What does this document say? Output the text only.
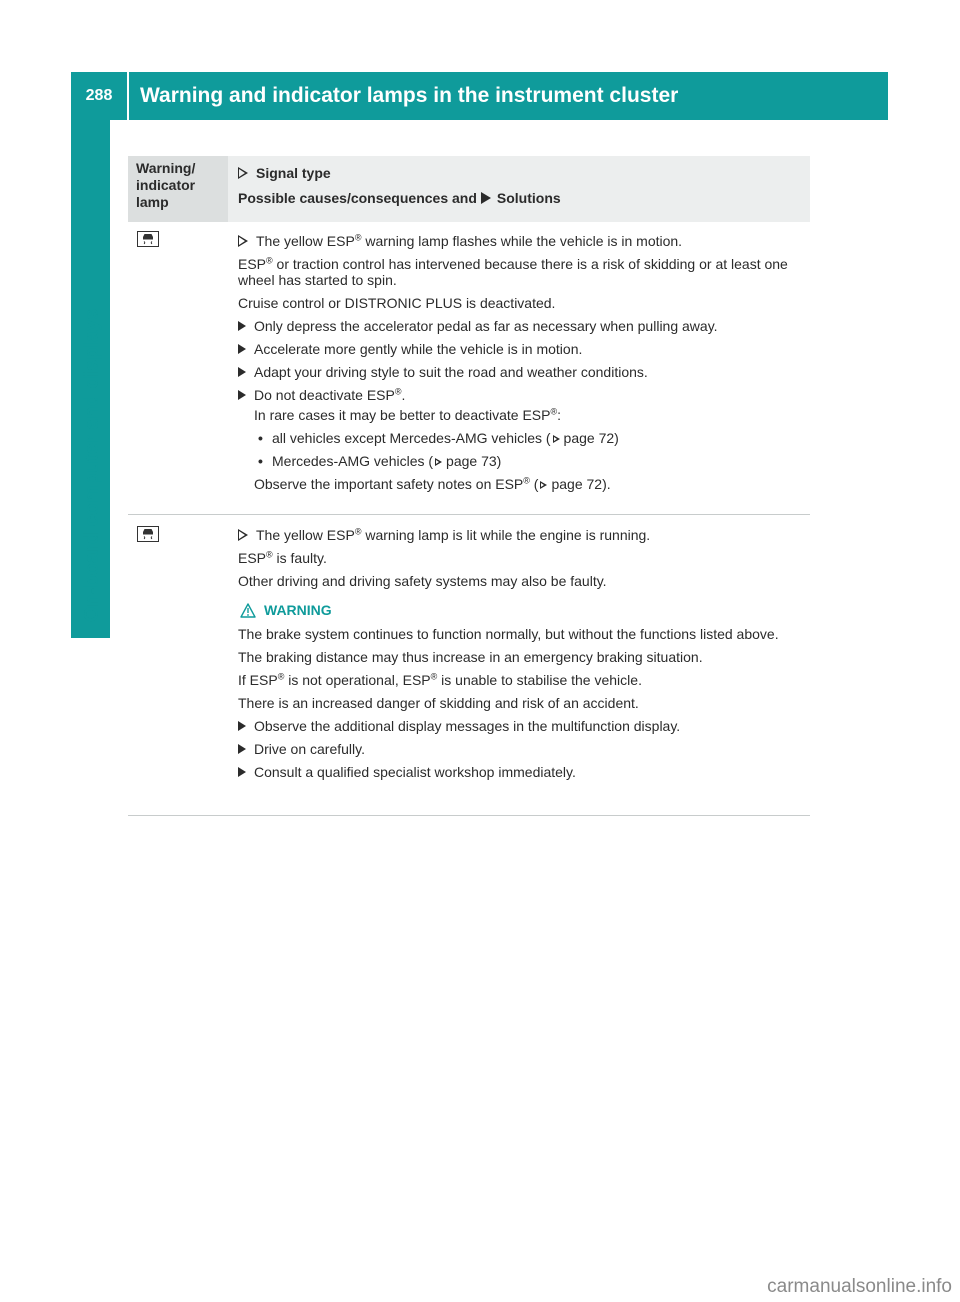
288	Warning and indicator lamps in the instrument cluster
Warning/
indicator
lamp
Signal type
Possible causes/consequences and Solutions

The yellow ESP® warning lamp flashes while the vehicle is in motion.

ESP® or traction control has intervened because there is a risk of skidding or at least one wheel has started to spin.

Cruise control or DISTRONIC PLUS is deactivated.

Only depress the accelerator pedal as far as necessary when pulling away.

Accelerate more gently while the vehicle is in motion.

Adapt your driving style to suit the road and weather conditions.

Do not deactivate ESP®.

In rare cases it may be better to deactivate ESP®:

• all vehicles except Mercedes-AMG vehicles ( page 72)

• Mercedes-AMG vehicles ( page 73)

Observe the important safety notes on ESP® ( page 72).

The yellow ESP® warning lamp is lit while the engine is running.

ESP® is faulty.

Other driving and driving safety systems may also be faulty.

WARNING

The brake system continues to function normally, but without the functions listed above.

The braking distance may thus increase in an emergency braking situation.

If ESP® is not operational, ESP® is unable to stabilise the vehicle.

There is an increased danger of skidding and risk of an accident.

Observe the additional display messages in the multifunction display.

Drive on carefully.

Consult a qualified specialist workshop immediately.

carmanualsonline.info
